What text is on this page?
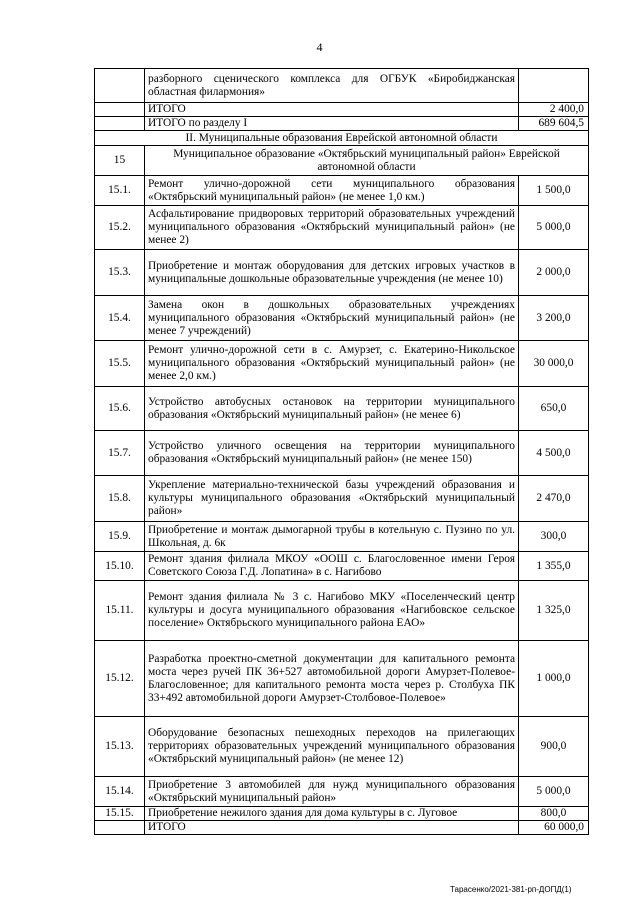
4
	разборного сценического комплекса для ОГБУК «Биробиджанская областная филармония»	
	ИТОГО	2 400,0
	ИТОГО по разделу I	689 604,5
II. Муниципальные образования Еврейской автономной области		
15	Муниципальное образование «Октябрьский муниципальный район» Еврейской автономной области	
15.1.	Ремонт улично-дорожной сети муниципального образования «Октябрьский муниципальный район» (не менее 1,0 км.)	1 500,0
15.2.	Асфальтирование придворовых территорий образовательных учреждений муниципального образования «Октябрьский муниципальный район» (не менее 2)	5 000,0
15.3.	Приобретение и монтаж оборудования для детских игровых участков в муниципальные дошкольные образовательные учреждения (не менее 10)	2 000,0
15.4.	Замена окон в дошкольных образовательных учреждениях муниципального образования «Октябрьский муниципальный район» (не менее 7 учреждений)	3 200,0
15.5.	Ремонт улично-дорожной сети в с. Амурзет, с. Екатерино-Никольское муниципального образования «Октябрьский муниципальный район» (не менее 2,0 км.)	30 000,0
15.6.	Устройство автобусных остановок на территории муниципального образования «Октябрьский муниципальный район» (не менее 6)	650,0
15.7.	Устройство уличного освещения на территории муниципального образования «Октябрьский муниципальный район» (не менее 150)	4 500,0
15.8.	Укрепление материально-технической базы учреждений образования и культуры муниципального образования «Октябрьский муниципальный район»	2 470,0
15.9.	Приобретение и монтаж дымогарной трубы в котельную с. Пузино по ул. Школьная, д. 6к	300,0
15.10.	Ремонт здания филиала МКОУ «ООШ с. Благословенное имени Героя Советского Союза Г.Д. Лопатина» в с. Нагибово	1 355,0
15.11.	Ремонт здания филиала № 3 с. Нагибово МКУ «Поселенческий центр культуры и досуга муниципального образования «Нагибовское сельское поселение» Октябрьского муниципального района ЕАО»	1 325,0
15.12.	Разработка проектно-сметной документации для капитального ремонта моста через ручей ПК 36+527 автомобильной дороги Амурзет-Полевое-Благословенное; для капитального ремонта моста через р. Столбуха ПК 33+492 автомобильной дороги Амурзет-Столбовое-Полевое»	1 000,0
15.13.	Оборудование безопасных пешеходных переходов на прилегающих территориях образовательных учреждений муниципального образования «Октябрьский муниципальный район» (не менее 12)	900,0
15.14.	Приобретение 3 автомобилей для нужд муниципального образования «Октябрьский муниципальный район»	5 000,0
15.15.	Приобретение нежилого здания для дома культуры в с. Луговое	800,0
	ИТОГО	60 000,0
Тарасенко/2021-381-рп-ДОПД(1)
